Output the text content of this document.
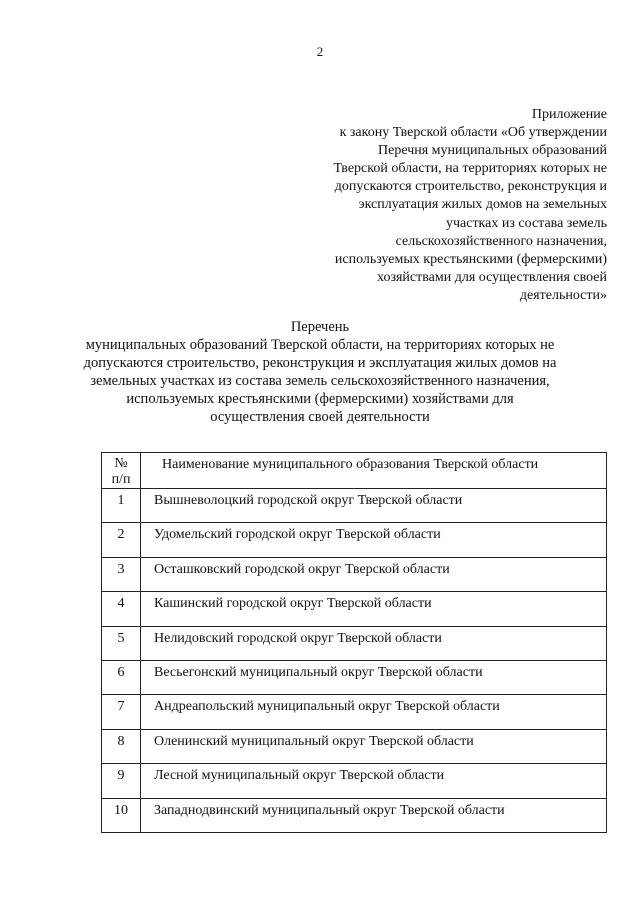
2
Приложение
к закону Тверской области «Об утверждении
Перечня муниципальных образований
Тверской области, на территориях которых не
допускаются строительство, реконструкция и
эксплуатация жилых домов на земельных
участках из состава земель
сельскохозяйственного назначения,
используемых крестьянскими (фермерскими)
хозяйствами для осуществления своей
деятельности»
Перечень
муниципальных образований Тверской области, на территориях которых не
допускаются строительство, реконструкция и эксплуатация жилых домов на
земельных участках из состава земель сельскохозяйственного назначения,
используемых крестьянскими (фермерскими) хозяйствами для
осуществления своей деятельности
№
п/п	Наименование муниципального образования Тверской области
1	Вышневолоцкий городской округ Тверской области
2	Удомельский городской округ Тверской области
3	Осташковский городской округ Тверской области
4	Кашинский городской округ Тверской области
5	Нелидовский городской округ Тверской области
6	Весьегонский муниципальный округ Тверской области
7	Андреапольский муниципальный округ Тверской области
8	Оленинский муниципальный округ Тверской области
9	Лесной муниципальный округ Тверской области
10	Западнодвинский муниципальный округ Тверской области
